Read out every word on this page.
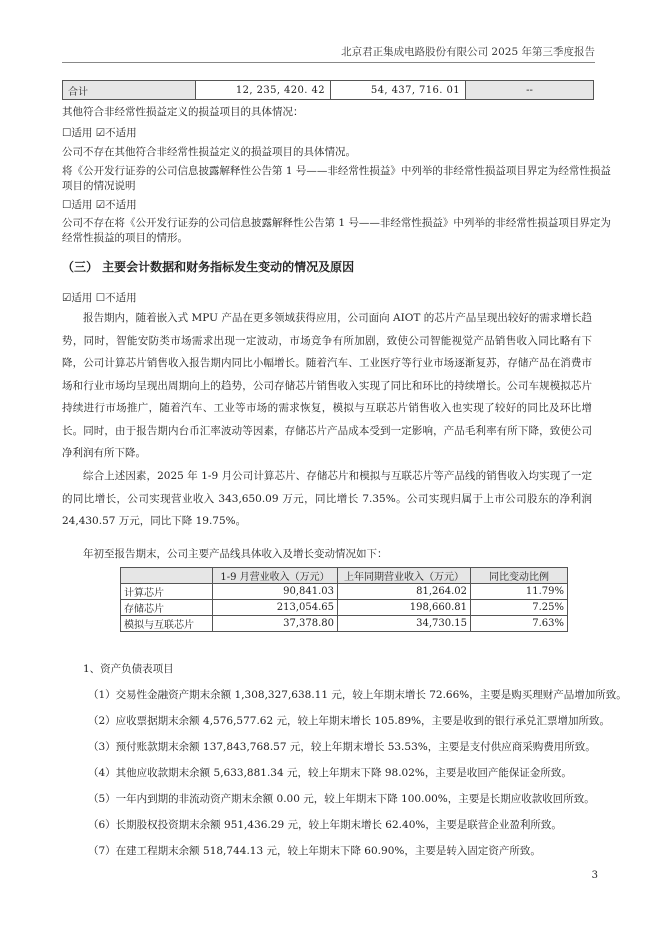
北京君正集成电路股份有限公司 2025 年第三季度报告
合计	12, 235, 420. 42	54, 437, 716. 01	--
其他符合非经常性损益定义的损益项目的具体情况：
☐适用 ☑不适用
公司不存在其他符合非经常性损益定义的损益项目的具体情况。
将《公开发行证券的公司信息披露解释性公告第 1 号——非经常性损益》中列举的非经常性损益项目界定为经常性损益
项目的情况说明
☐适用 ☑不适用
公司不存在将《公开发行证券的公司信息披露解释性公告第 1 号——非经常性损益》中列举的非经常性损益项目界定为
经常性损益的项目的情形。
（三） 主要会计数据和财务指标发生变动的情况及原因
☑适用 ☐不适用
报告期内，随着嵌入式 MPU 产品在更多领域获得应用，公司面向 AIOT 的芯片产品呈现出较好的需求增长趋势，同时，智能安防类市场需求出现一定波动，市场竞争有所加剧，致使公司智能视觉产品销售收入同比略有下降，公司计算芯片销售收入报告期内同比小幅增长。随着汽车、工业医疗等行业市场逐渐复苏，存储产品在消费市场和行业市场均呈现出周期向上的趋势，公司存储芯片销售收入实现了同比和环比的持续增长。公司车规模拟芯片持续进行市场推广，随着汽车、工业等市场的需求恢复，模拟与互联芯片销售收入也实现了较好的同比及环比增长。同时，由于报告期内台币汇率波动等因素，存储芯片产品成本受到一定影响，产品毛利率有所下降，致使公司净利润有所下降。
综合上述因素，2025 年 1-9 月公司计算芯片、存储芯片和模拟与互联芯片等产品线的销售收入均实现了一定的同比增长，公司实现营业收入 343,650.09 万元，同比增长 7.35%。公司实现归属于上市公司股东的净利润 24,430.57 万元，同比下降 19.75%。
年初至报告期末，公司主要产品线具体收入及增长变动情况如下：
	1-9 月营业收入（万元）	上年同期营业收入（万元）	同比变动比例
计算芯片	90,841.03	81,264.02	11.79%
存储芯片	213,054.65	198,660.81	7.25%
模拟与互联芯片	37,378.80	34,730.15	7.63%
1、资产负债表项目
（1）交易性金融资产期末余额 1,308,327,638.11 元，较上年期末增长 72.66%，主要是购买理财产品增加所致。
（2）应收票据期末余额 4,576,577.62 元，较上年期末增长 105.89%，主要是收到的银行承兑汇票增加所致。
（3）预付账款期末余额 137,843,768.57 元，较上年期末增长 53.53%，主要是支付供应商采购费用所致。
（4）其他应收款期末余额 5,633,881.34 元，较上年期末下降 98.02%，主要是收回产能保证金所致。
（5）一年内到期的非流动资产期末余额 0.00 元，较上年期末下降 100.00%，主要是长期应收款收回所致。
（6）长期股权投资期末余额 951,436.29 元，较上年期末增长 62.40%，主要是联营企业盈利所致。
（7）在建工程期末余额 518,744.13 元，较上年期末下降 60.90%，主要是转入固定资产所致。
3
